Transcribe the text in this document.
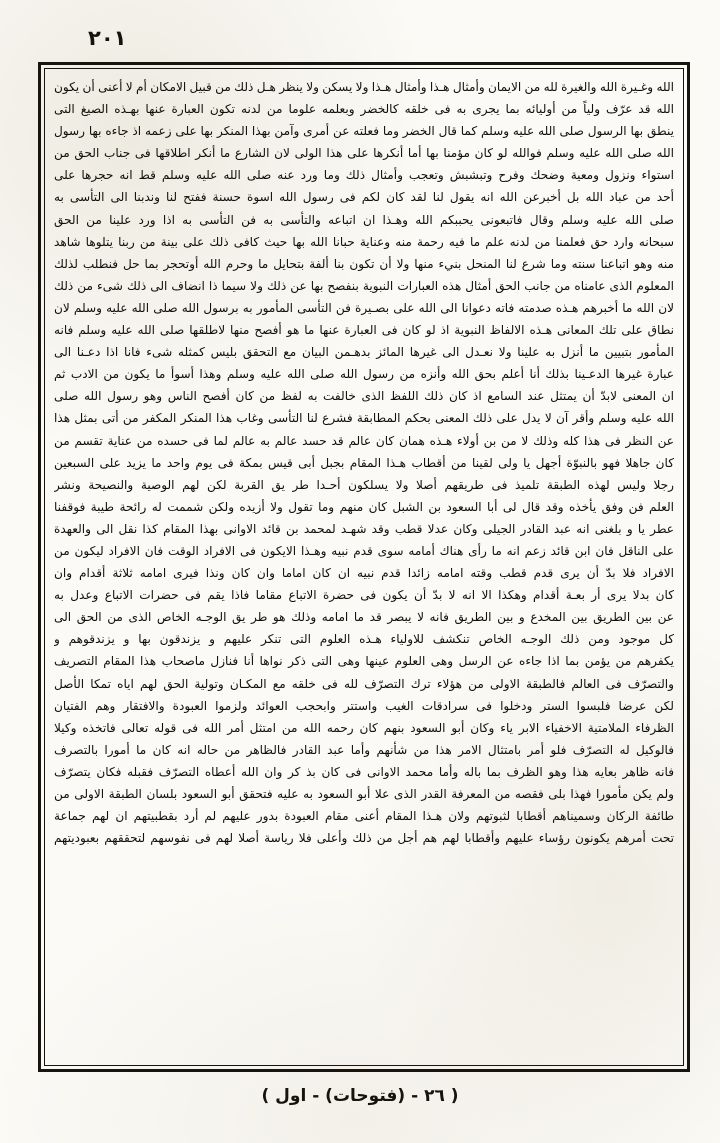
٢٠١
الله وغـيرة الله والغيرة لله من الايمان وأمثال هـذا وأمثال هـذا ولا يسكن ولا ينظر هـل ذلك من قبيل الامكان أم لا أعنى أن يكون
الله قد عرّف ولياً من أوليائه بما يجرى به فى خلقه كالخضر وبعلمه علوما من لدنه تكون العبارة عنها بهـذه الصيغ التى
ينطق بها الرسول صلى الله عليه وسلم كما قال الخضر وما فعلته عن أمرى وآمن بهذا المنكر بها على زعمه اذ جاءه بها رسول
الله صلى الله عليه وسلم فوالله لو كان مؤمنا بها أما أنكرها على هذا الولى لان الشارع ما أنكر اطلاقها فى جناب الحق من
استواء ونزول ومعية وضحك وفرح وتبشبش وتعجب وأمثال ذلك وما ورد عنه صلى الله عليه وسلم قط انه حجرها على
أحد من عباد الله بل أخبرعن الله انه يقول لنا لقد كان لكم فى رسول الله اسوة حسنة ففتح لنا وندبنا الى التأسى به
صلى الله عليه وسلم وقال فاتبعونى يحببكم الله وهـذا ان اتباعه والتأسى به فن التأسى به اذا ورد علينا من الحق
سبحانه وارد حق فعلمنا من لدنه علم ما فيه رحمة منه وعناية حبانا الله بها حيث كافى ذلك على بينة من ربنا يتلوها شاهد
منه وهو اتباعنا سنته وما شرع لنا المنحل بنيء منها ولا أن تكون بنا ألفة بتحايل ما وحرم الله أوتحجر بما حل فنطلب لذلك
المعلوم الذى عامناه من جانب الحق أمثال هذه العبارات النبوية بنفصح بها عن ذلك ولا سيما ذا انضاف الى ذلك شىء من ذلك
لان الله ما أخبرهم هـذه صدمته فاته دعوانا الى الله على بصـيرة فن التأسى المأمور به برسول الله صلى الله عليه وسلم لان
نطاق على تلك المعانى هـذه الالفاظ النبوية اذ لو كان فى العبارة عنها ما هو أفصح منها لاطلقها صلى الله عليه وسلم فانه
المأمور بتبيين ما أنزل به علينا ولا نعـدل الى غيرها المائز بدهـمن البيان مع التحقق بليس كمثله شىء فانا اذا دعـنا الى
عبارة غيرها الدعـينا بذلك أنا أعلم بحق الله وأنزه من رسول الله صلى الله عليه وسلم وهذا أسوأ ما يكون من الادب ثم
ان المعنى لابدّ أن يمتثل عند السامع اذ كان ذلك اللفظ الذى خالفت به لفظ من كان أفصح الناس وهو رسول الله صلى
الله عليه وسلم وأقر آن لا يدل على ذلك المعنى بحكم المطابقة فشرع لنا التأسى وغاب هذا المنكر المكفر من أتى بمثل هذا
عن النظر فى هذا كله وذلك لا من بن أولاء هـذه همان كان عالم قد حسد عالم به عالم لما فى حسده من عناية تقسم من
كان جاهلا فهو بالنبوّة أجهل يا ولى لقينا من أقطاب هـذا المقام بجبل أبى قيس بمكة فى يوم واحد ما يزيد على السبعين
رجلا وليس لهذه الطبقة تلميذ فى طريقهم أصلا ولا يسلكون أحـدا طر يق القربة لكن لهم الوصية والنصيحة ونشر
العلم فن وفق يأخذه وقد قال لى أبا السعود بن الشبل كان منهم وما تقول ولا أزيده ولكن شممت له رائحة طيبة فوقفنا
عطر يا و بلغنى انه عبد القادر الجيلى وكان عدلا قطب وقد شهـد لمحمد بن قائد الاوانى بهذا المقام كذا نقل الى والعهدة
على الناقل فان ابن قائد زعم انه ما رأى هناك أمامه سوى قدم نبيه وهـذا الايكون فى الافراد الوقت فان الافراد ليكون من
الافراد فلا بدّ أن يرى قدم قطب وقته امامه زائدا قدم نبيه ان كان اماما وان كان ونذا فيرى امامه ثلاثة أقدام وان
كان بدلا يرى أر بعـة أقدام وهكذا الا انه لا بدّ أن يكون فى حضرة الاتباع مقاما فاذا يقم فى حضرات الاتباع وعدل به
عن بين الطريق بين المخدع و بين الطريق فانه لا يبصر قد ما امامه وذلك هو طر يق الوجـه الخاص الذى من الحق الى
كل موجود ومن ذلك الوجـه الخاص تنكشف للاولياء هـذه العلوم التى تنكر عليهم و يزندقون بها و يزندقوهم و
يكفرهم من يؤمن بما اذا جاءه عن الرسل وهى العلوم عينها وهى التى ذكر نواها أنا فنازل ماصحاب هذا المقام التصريف
والتصرّف فى العالم فالطبقة الاولى من هؤلاء ترك التصرّف لله فى خلقه مع المكـان وتولية الحق لهم اياه تمكا الأصل
لكن عرضا فلبسوا الستر ودخلوا فى سرادقات الغيب واستتر وابحجب العوائد ولزموا العبودة والافتقار وهم الفتيان
الظرفاء الملامتية الاخفياء الابر ياء وكان أبو السعود بنهم كان رحمه الله من امتثل أمر الله فى قوله تعالى فاتخذه وكيلا
فالوكيل له التصرّف فلو أمر بامتثال الامر هذا من شأنهم وأما عبد القادر فالظاهر من حاله انه كان ما أمورا بالتصرف
فانه ظاهر بعايه هذا وهو الظرف بما باله وأما محمد الاوانى فى كان بذ كر وان الله أعطاه التصرّف فقبله فكان يتصرّف
ولم يكن مأمورا فهذا بلى فقصه من المعرفة القدر الذى علا أبو السعود به عليه فتحقق أبو السعود بلسان الطبقة الاولى من
طائفة الركان وسميناهم أقطابا لثبوتهم ولان هـذا المقام أعنى مقام العبودة بدور عليهم لم أرد بقطبيتهم ان لهم جماعة
تحت أمرهم يكونون رؤساء عليهم وأقطابا لهم هم أجل من ذلك وأعلى فلا رياسة أصلا لهم فى نفوسهم لتحققهم بعبوديتهم
( ٢٦ - (فتوحات) - اول )
